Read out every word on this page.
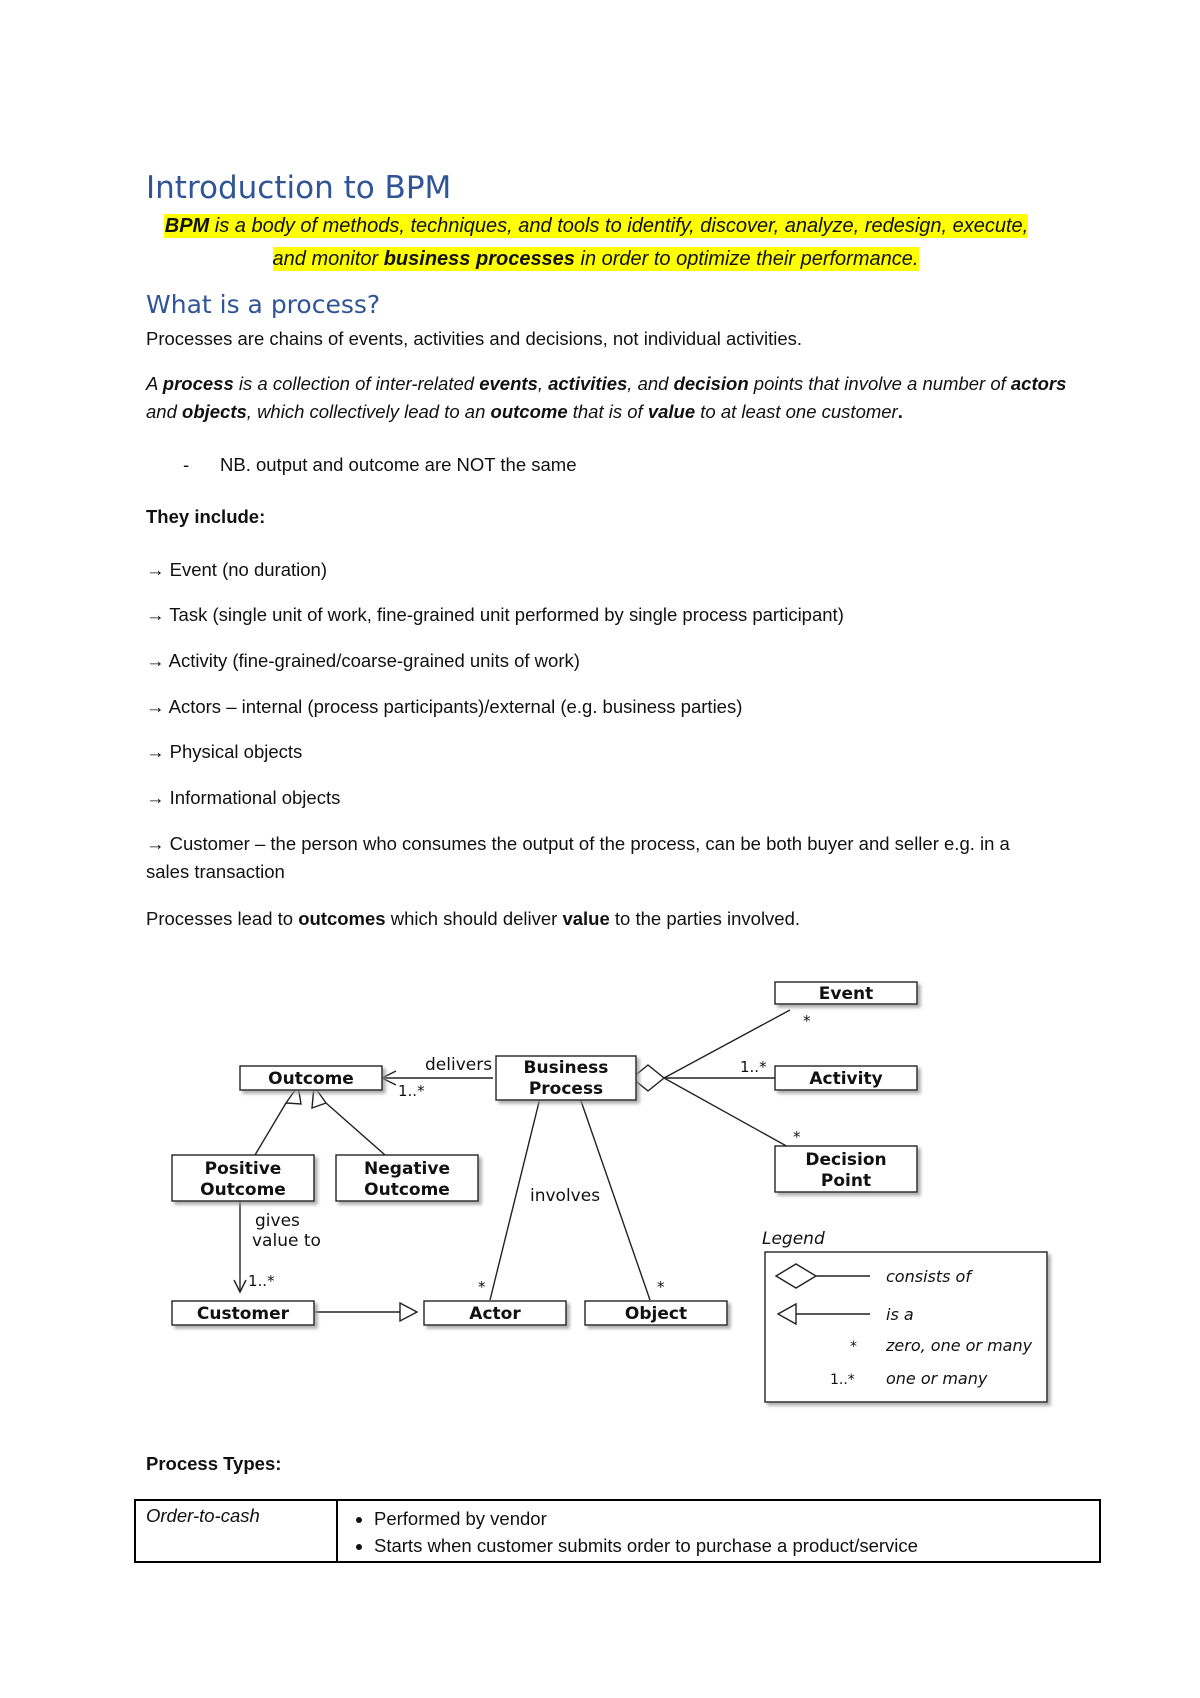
Introduction to BPM
BPM is a body of methods, techniques, and tools to identify, discover, analyze, redesign, execute, and monitor business processes in order to optimize their performance.
What is a process?
Processes are chains of events, activities and decisions, not individual activities.
A process is a collection of inter-related events, activities, and decision points that involve a number of actors and objects, which collectively lead to an outcome that is of value to at least one customer.
- NB. output and outcome are NOT the same
They include:
→ Event (no duration)
→ Task (single unit of work, fine-grained unit performed by single process participant)
→ Activity (fine-grained/coarse-grained units of work)
→ Actors – internal (process participants)/external (e.g. business parties)
→ Physical objects
→ Informational objects
→ Customer – the person who consumes the output of the process, can be both buyer and seller e.g. in a sales transaction
Processes lead to outcomes which should deliver value to the parties involved.
Outcome
Business
Process
Positive
Outcome
Negative
Outcome
Customer	Actor	Object
Event
Activity
Decision
Point
delivers
1..*
gives
value to
1..*
involves
*	*
*
1..*
*
Legend
consists of
is a
* zero, one or many
1..* one or many
Process Types:
Order-to-cash	
•Performed by vendor
• Starts when customer submits order to purchase a product/service
